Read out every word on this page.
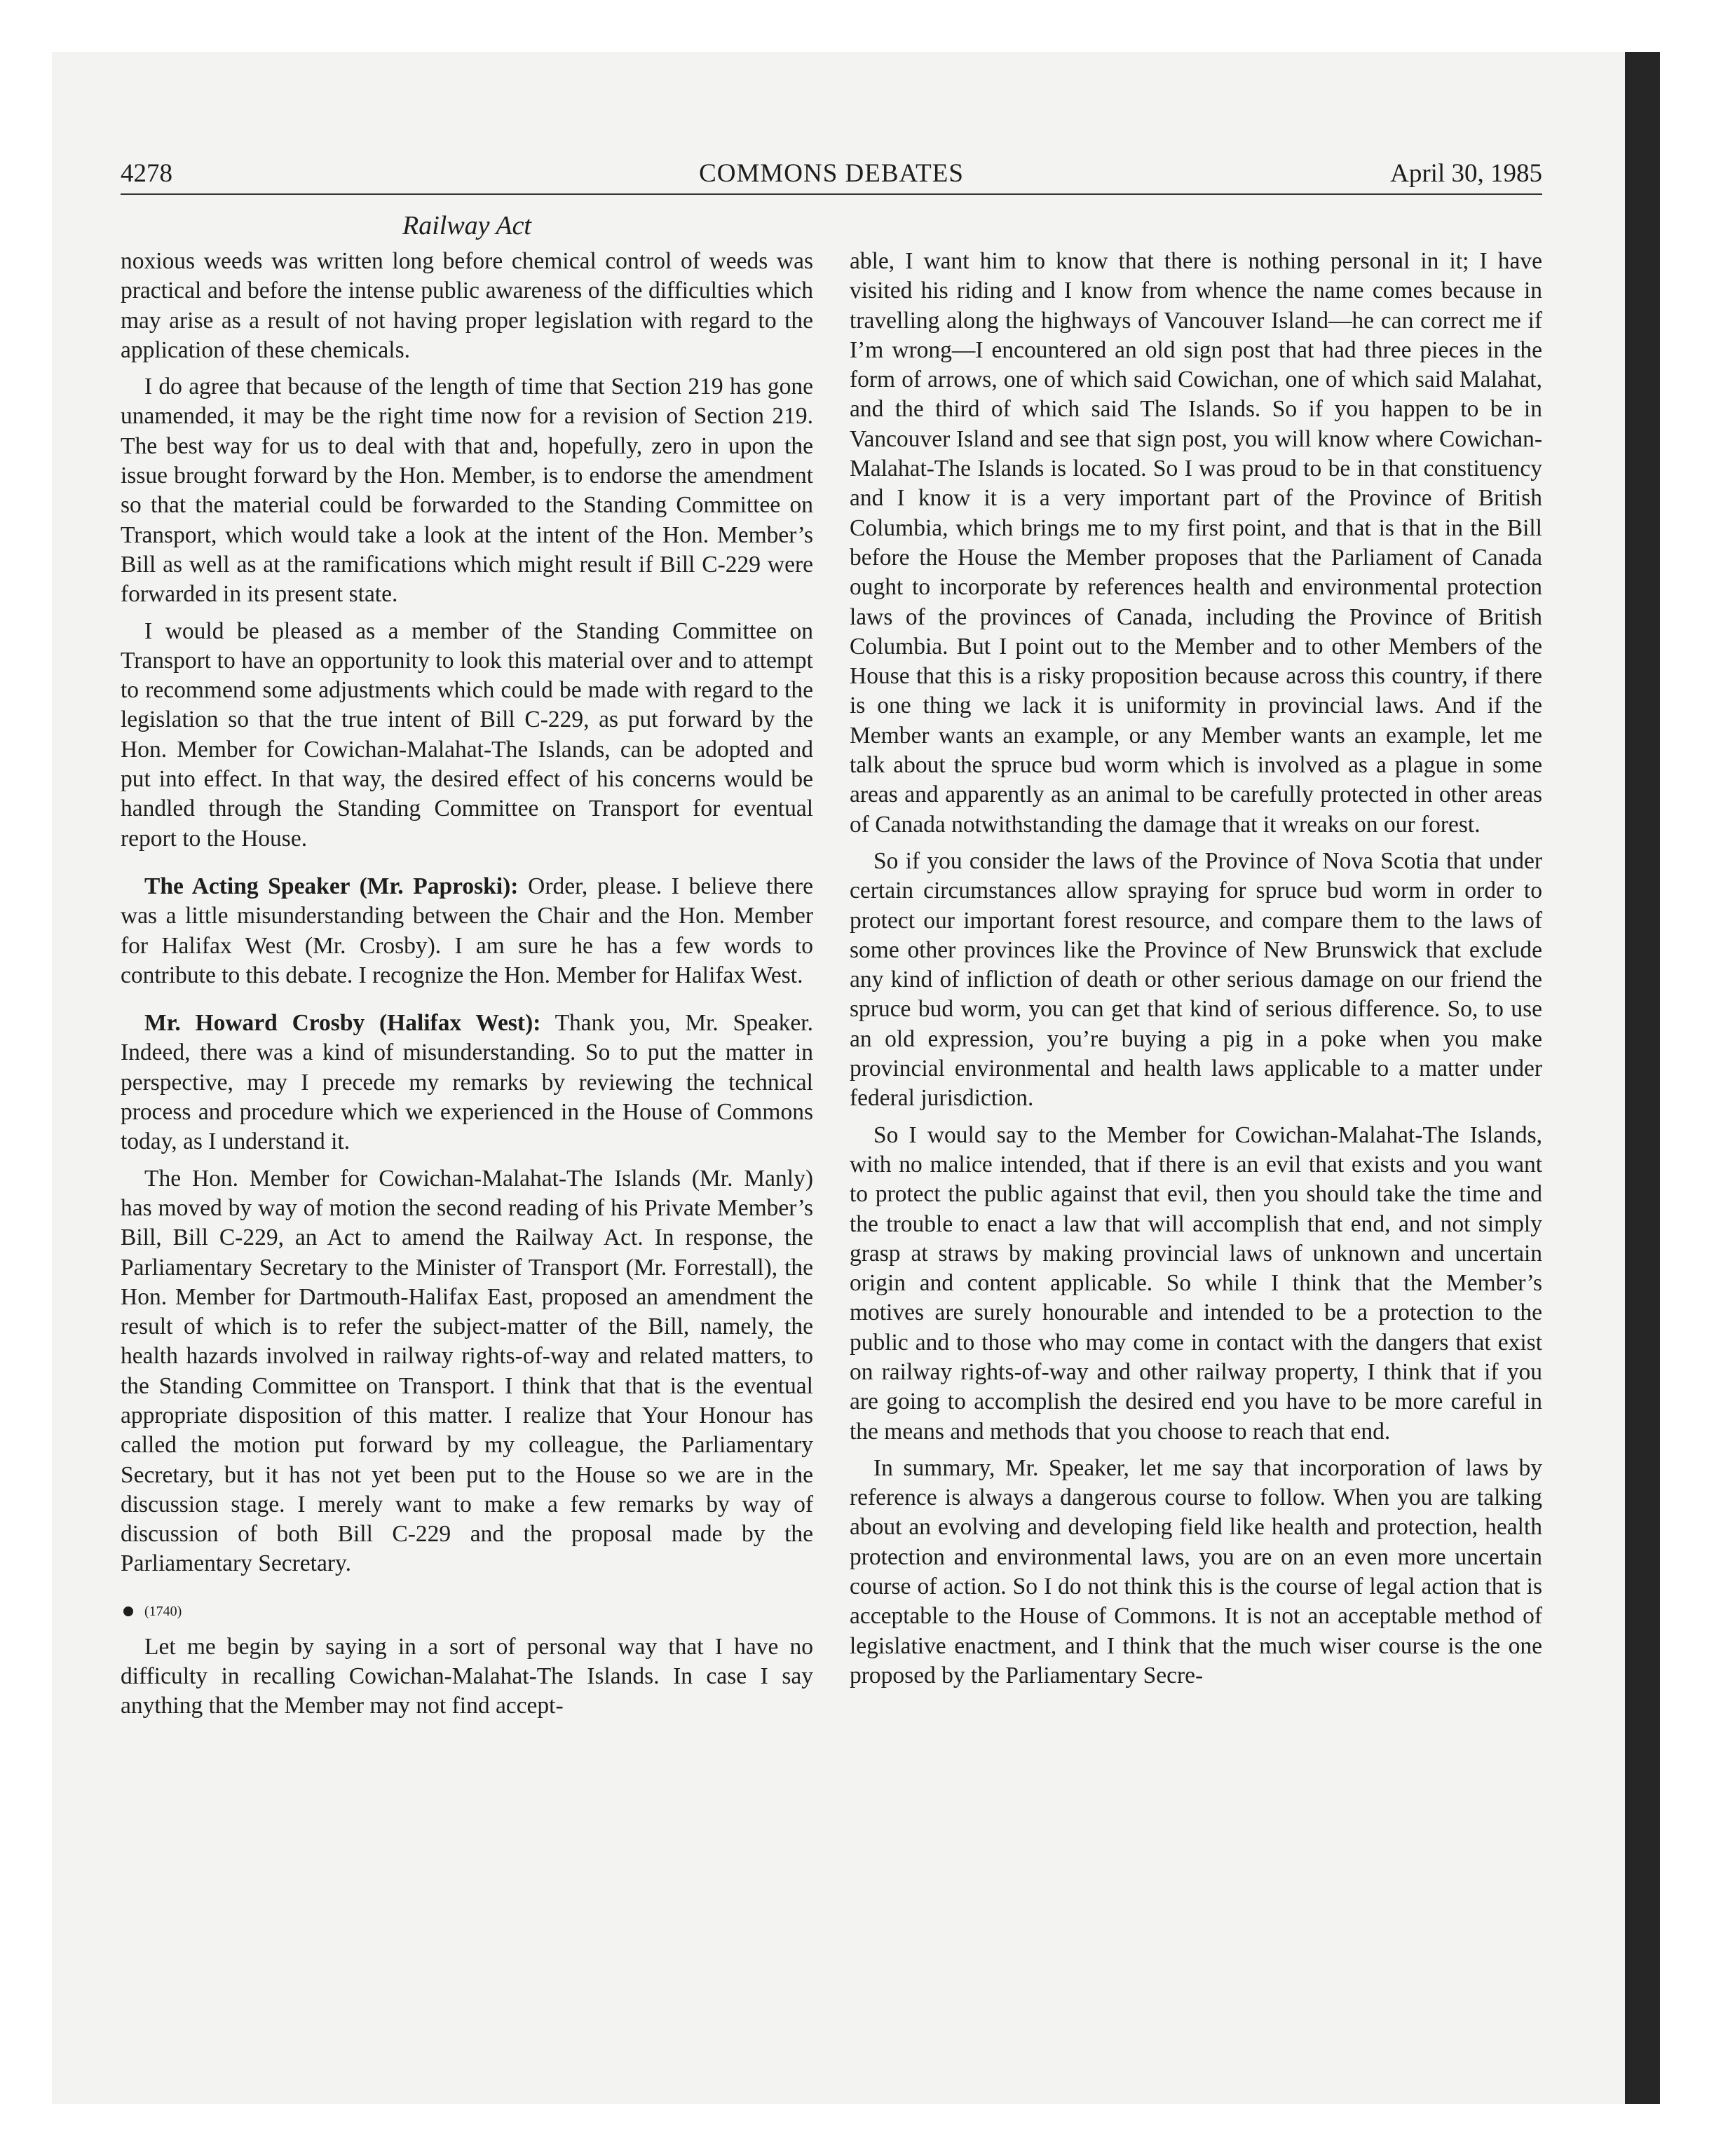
4278	COMMONS DEBATES	April 30, 1985
Railway Act

noxious weeds was written long before chemical control of weeds was practical and before the intense public awareness of the difficulties which may arise as a result of not having proper legislation with regard to the application of these chemicals.

I do agree that because of the length of time that Section 219 has gone unamended, it may be the right time now for a revision of Section 219. The best way for us to deal with that and, hopefully, zero in upon the issue brought forward by the Hon. Member, is to endorse the amendment so that the material could be forwarded to the Standing Committee on Transport, which would take a look at the intent of the Hon. Member’s Bill as well as at the ramifications which might result if Bill C-229 were forwarded in its present state.

I would be pleased as a member of the Standing Committee on Transport to have an opportunity to look this material over and to attempt to recommend some adjustments which could be made with regard to the legislation so that the true intent of Bill C-229, as put forward by the Hon. Member for Cowichan-Malahat-The Islands, can be adopted and put into effect. In that way, the desired effect of his concerns would be handled through the Standing Committee on Transport for eventual report to the House.

The Acting Speaker (Mr. Paproski): Order, please. I believe there was a little misunderstanding between the Chair and the Hon. Member for Halifax West (Mr. Crosby). I am sure he has a few words to contribute to this debate. I recognize the Hon. Member for Halifax West.

Mr. Howard Crosby (Halifax West): Thank you, Mr. Speaker. Indeed, there was a kind of misunderstanding. So to put the matter in perspective, may I precede my remarks by reviewing the technical process and procedure which we experienced in the House of Commons today, as I understand it.

The Hon. Member for Cowichan-Malahat-The Islands (Mr. Manly) has moved by way of motion the second reading of his Private Member’s Bill, Bill C-229, an Act to amend the Railway Act. In response, the Parliamentary Secretary to the Minister of Transport (Mr. Forrestall), the Hon. Member for Dartmouth-Halifax East, proposed an amendment the result of which is to refer the subject-matter of the Bill, namely, the health hazards involved in railway rights-of-way and related matters, to the Standing Committee on Transport. I think that that is the eventual appropriate disposition of this matter. I realize that Your Honour has called the motion put forward by my colleague, the Parliamentary Secretary, but it has not yet been put to the House so we are in the discussion stage. I merely want to make a few remarks by way of discussion of both Bill C-229 and the proposal made by the Parliamentary Secretary.

(1740)

Let me begin by saying in a sort of personal way that I have no difficulty in recalling Cowichan-Malahat-The Islands. In case I say anything that the Member may not find accept-

able, I want him to know that there is nothing personal in it; I have visited his riding and I know from whence the name comes because in travelling along the highways of Vancouver Island—he can correct me if I’m wrong—I encountered an old sign post that had three pieces in the form of arrows, one of which said Cowichan, one of which said Malahat, and the third of which said The Islands. So if you happen to be in Vancouver Island and see that sign post, you will know where Cowichan-Malahat-The Islands is located. So I was proud to be in that constituency and I know it is a very important part of the Province of British Columbia, which brings me to my first point, and that is that in the Bill before the House the Member proposes that the Parliament of Canada ought to incorporate by references health and environmental protection laws of the provinces of Canada, including the Province of British Columbia. But I point out to the Member and to other Members of the House that this is a risky proposition because across this country, if there is one thing we lack it is uniformity in provincial laws. And if the Member wants an example, or any Member wants an example, let me talk about the spruce bud worm which is involved as a plague in some areas and apparently as an animal to be carefully protected in other areas of Canada notwithstanding the damage that it wreaks on our forest.

So if you consider the laws of the Province of Nova Scotia that under certain circumstances allow spraying for spruce bud worm in order to protect our important forest resource, and compare them to the laws of some other provinces like the Province of New Brunswick that exclude any kind of infliction of death or other serious damage on our friend the spruce bud worm, you can get that kind of serious difference. So, to use an old expression, you’re buying a pig in a poke when you make provincial environmental and health laws applicable to a matter under federal jurisdiction.

So I would say to the Member for Cowichan-Malahat-The Islands, with no malice intended, that if there is an evil that exists and you want to protect the public against that evil, then you should take the time and the trouble to enact a law that will accomplish that end, and not simply grasp at straws by making provincial laws of unknown and uncertain origin and content applicable. So while I think that the Member’s motives are surely honourable and intended to be a protection to the public and to those who may come in contact with the dangers that exist on railway rights-of-way and other railway property, I think that if you are going to accomplish the desired end you have to be more careful in the means and methods that you choose to reach that end.

In summary, Mr. Speaker, let me say that incorporation of laws by reference is always a dangerous course to follow. When you are talking about an evolving and developing field like health and protection, health protection and environmental laws, you are on an even more uncertain course of action. So I do not think this is the course of legal action that is acceptable to the House of Commons. It is not an acceptable method of legislative enactment, and I think that the much wiser course is the one proposed by the Parliamentary Secre-
